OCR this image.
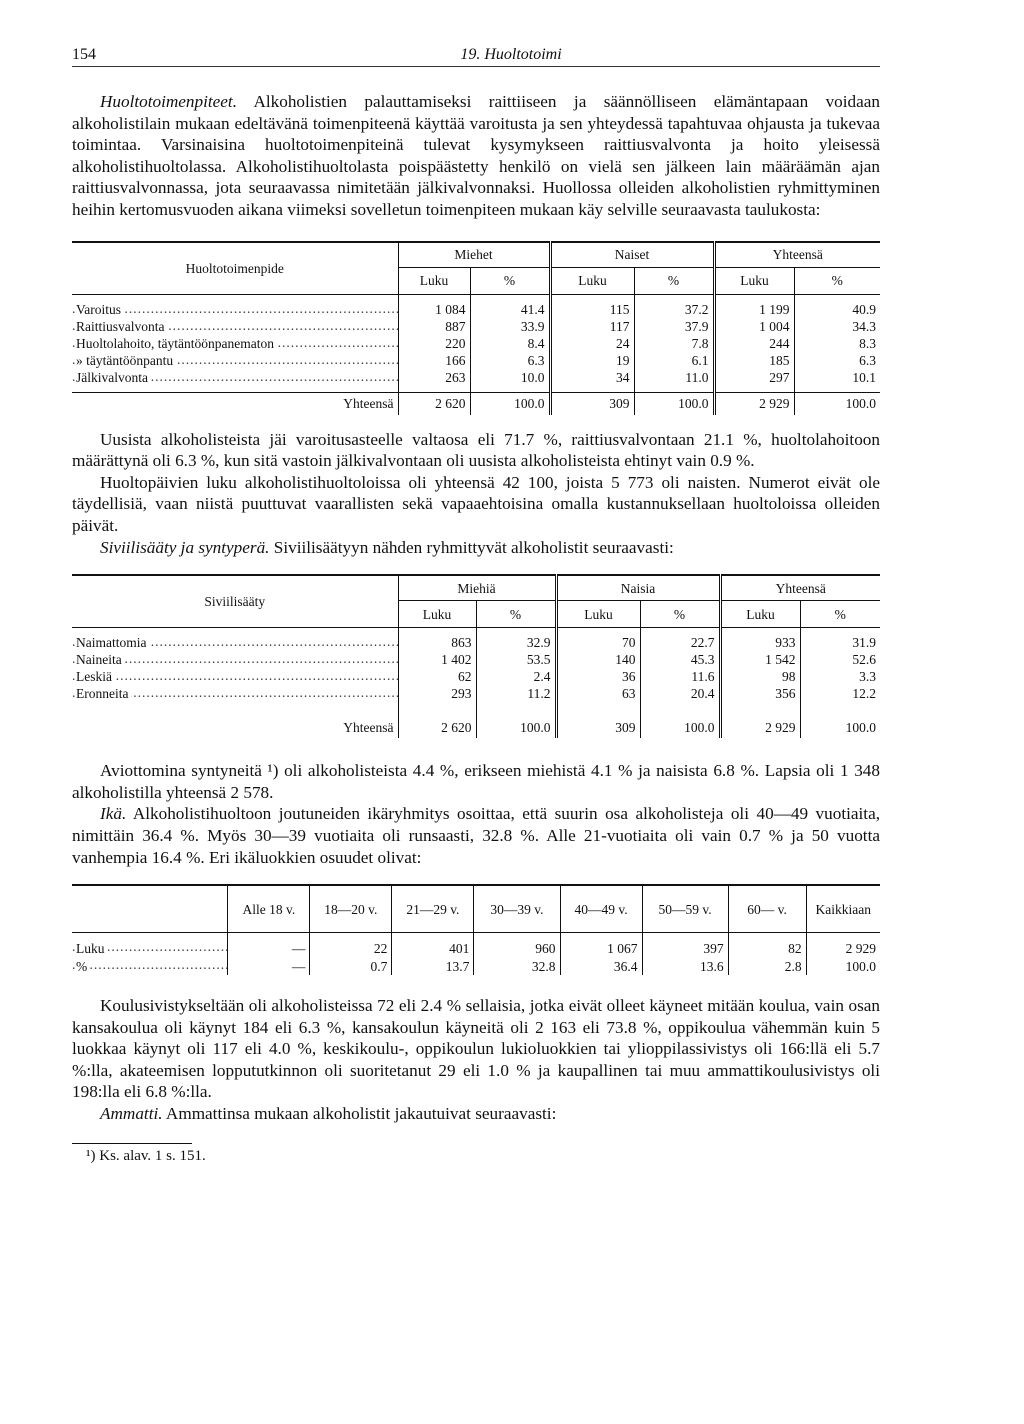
154	19. Huoltotoimi

Huoltotoimenpiteet. Alkoholistien palauttamiseksi raittiiseen ja säännölliseen elämäntapaan voidaan alkoholistilain mukaan edeltävänä toimenpiteenä käyttää varoitusta ja sen yhteydessä tapahtuvaa ohjausta ja tukevaa toimintaa. Varsinaisina huoltotoimenpiteinä tulevat kysymykseen raittiusvalvonta ja hoito yleisessä alkoholistihuoltolassa. Alkoholistihuoltolasta poispäästetty henkilö on vielä sen jälkeen lain määräämän ajan raittiusvalvonnassa, jota seuraavassa nimitetään jälkivalvonnaksi. Huollossa olleiden alkoholistien ryhmittyminen heihin kertomusvuoden aikana viimeksi sovelletun toimenpiteen mukaan käy selville seuraavasta taulukosta:

Huoltotoimenpide	Miehet		Naiset		Yhteensä	
	Luku	%	Luku	%	Luku	%

Varoitus .....	1 084	41.4	115	37.2	1 199	40.9
Raittiusvalvonta .....	887	33.9	117	37.9	1 004	34.3
Huoltolahoito, täytäntöönpanematon .....	220	8.4	24	7.8	244	8.3
» täytäntöönpantu .....	166	6.3	19	6.1	185	6.3
Jälkivalvonta .....	263	10.0	34	11.0	297	10.1

Yhteensä	2 620	100.0	309	100.0	2 929	100.0

Uusista alkoholisteista jäi varoitusasteelle valtaosa eli 71.7 %, raittiusvalvontaan 21.1 %, huoltolahoitoon määrättynä oli 6.3 %, kun sitä vastoin jälkivalvontaan oli uusista alkoholisteista ehtinyt vain 0.9 %.

Huoltopäivien luku alkoholistihuoltoloissa oli yhteensä 42 100, joista 5 773 oli naisten. Numerot eivät ole täydellisiä, vaan niistä puuttuvat vaarallisten sekä vapaaehtoisina omalla kustannuksellaan huoltoloissa olleiden päivät.

Siviilisääty ja syntyperä. Siviilisäätyyn nähden ryhmittyvät alkoholistit seuraavasti:

Siviilisääty	Miehiä		Naisia		Yhteensä	
	Luku	%	Luku	%	Luku	%

Naimattomia .....	863	32.9	70	22.7	933	31.9
Naineita .....	1 402	53.5	140	45.3	1 542	52.6
Leskiä .....	62	2.4	36	11.6	98	3.3
Eronneita .....	293	11.2	63	20.4	356	12.2

Yhteensä	2 620	100.0	309	100.0	2 929	100.0

Aviottomina syntyneitä ¹) oli alkoholisteista 4.4 %, erikseen miehistä 4.1 % ja naisista 6.8 %. Lapsia oli 1 348 alkoholistilla yhteensä 2 578.

Ikä. Alkoholistihuoltoon joutuneiden ikäryhmitys osoittaa, että suurin osa alkoholisteja oli 40—49 vuotiaita, nimittäin 36.4 %. Myös 30—39 vuotiaita oli runsaasti, 32.8 %. Alle 21-vuotiaita oli vain 0.7 % ja 50 vuotta vanhempia 16.4 %. Eri ikäluokkien osuudet olivat:

	Alle 18 v.	18—20 v.	21—29 v.	30—39 v.	40—49 v.	50—59 v.	60— v.	Kaikkiaan

Luku .....	—	22	401	960	1 067	397	82	2 929
% .....	—	0.7	13.7	32.8	36.4	13.6	2.8	100.0

Koulusivistykseltään oli alkoholisteissa 72 eli 2.4 % sellaisia, jotka eivät olleet käyneet mitään koulua, vain osan kansakoulua oli käynyt 184 eli 6.3 %, kansakoulun käyneitä oli 2 163 eli 73.8 %, oppikoulua vähemmän kuin 5 luokkaa käynyt oli 117 eli 4.0 %, keskikoulu-, oppikoulun lukioluokkien tai ylioppilassivistys oli 166:llä eli 5.7 %:lla, akateemisen loppututkinnon oli suoritetanut 29 eli 1.0 % ja kaupallinen tai muu ammattikoulusivistys oli 198:lla eli 6.8 %:lla.

Ammatti. Ammattinsa mukaan alkoholistit jakautuivat seuraavasti:

¹) Ks. alav. 1 s. 151.
